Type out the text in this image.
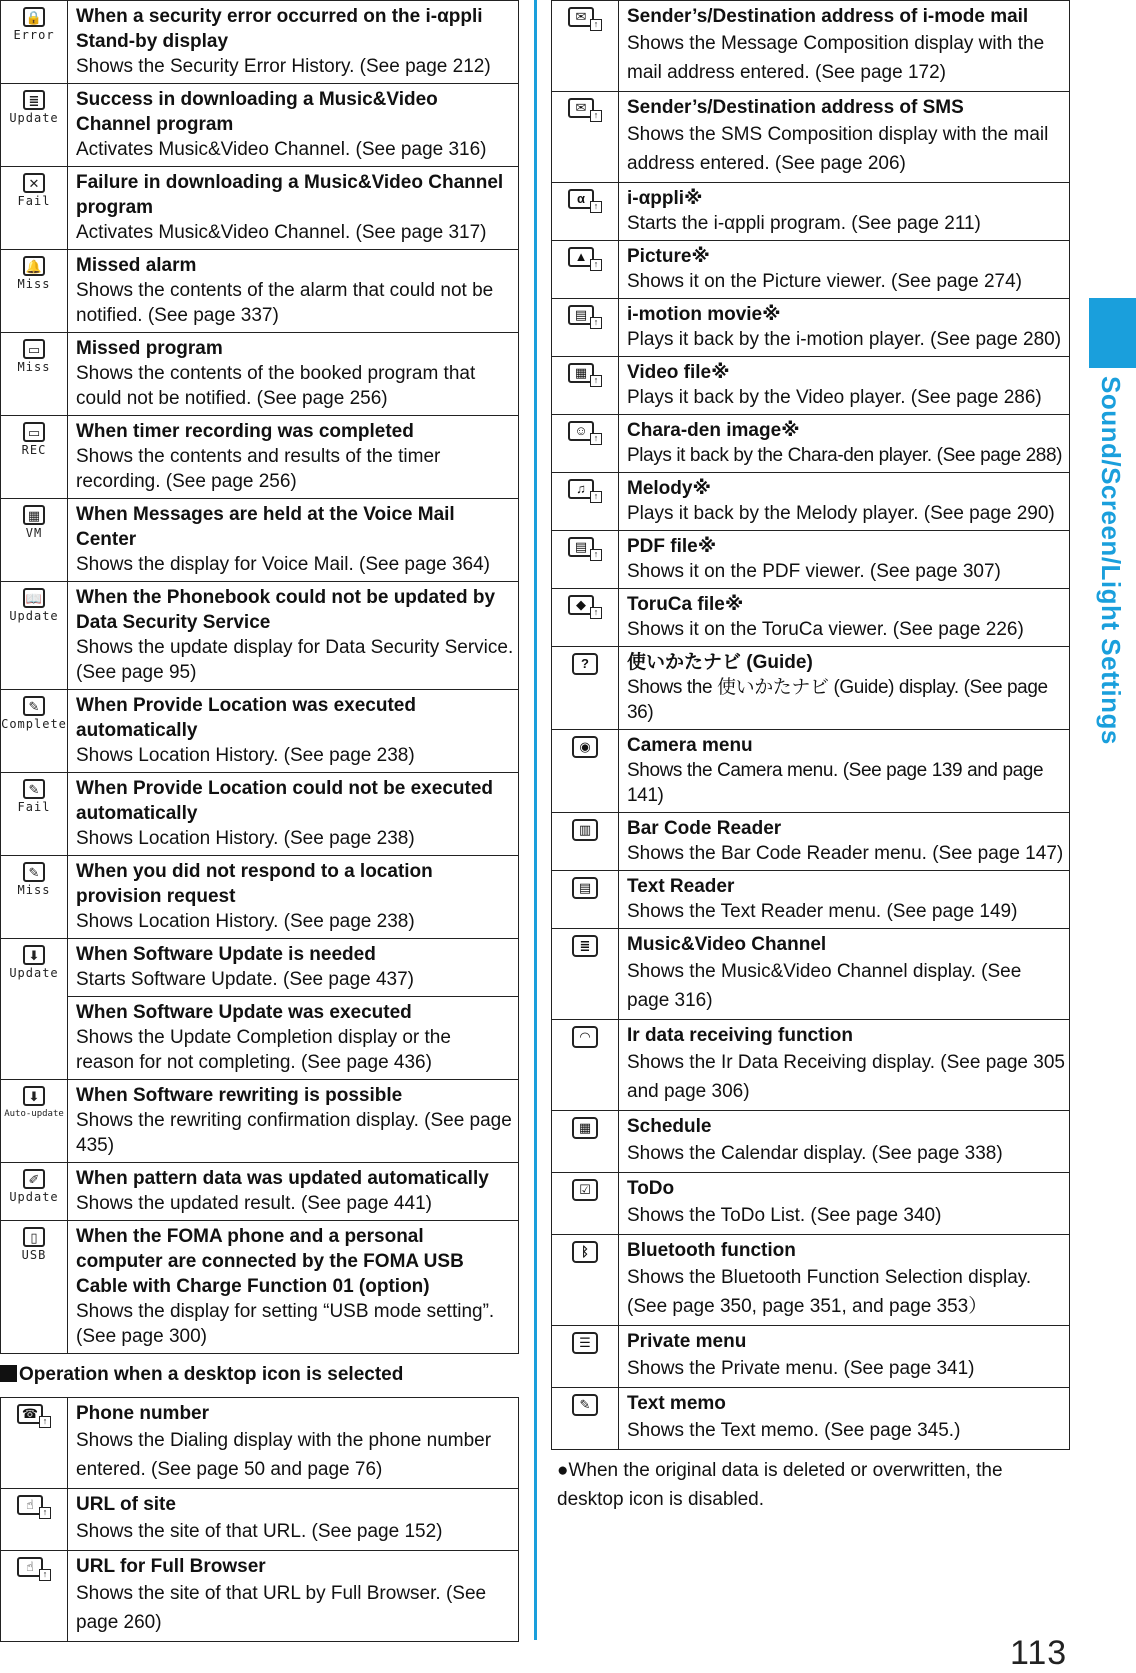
Sound/Screen/Light Settings
🔒
Error	When a security error occurred on the i-αppli Stand-by display
Shows the Security Error History. (See page 212)

≣
Update	Success in downloading a Music&Video Channel program
Activates Music&Video Channel. (See page 316)

✕
Fail	Failure in downloading a Music&Video Channel program
Activates Music&Video Channel. (See page 317)

🔔
Miss	Missed alarm
Shows the contents of the alarm that could not be notified. (See page 337)

▭
Miss	Missed program
Shows the contents of the booked program that could not be notified. (See page 256)

▭
REC	When timer recording was completed
Shows the contents and results of the timer recording. (See page 256)

▦
VM	When Messages are held at the Voice Mail Center
Shows the display for Voice Mail. (See page 364)

📖
Update	When the Phonebook could not be updated by Data Security Service
Shows the update display for Data Security Service. (See page 95)

✎
Complete	When Provide Location was executed automatically
Shows Location History. (See page 238)

✎
Fail	When Provide Location could not be executed automatically
Shows Location History. (See page 238)

✎
Miss	When you did not respond to a location provision request
Shows Location History. (See page 238)

⬇
Update	When Software Update is needed
Starts Software Update. (See page 437)

	When Software Update was executed
Shows the Update Completion display or the reason for not completing. (See page 436)

⬇
Auto-update	When Software rewriting is possible
Shows the rewriting confirmation display. (See page 435)

✐
Update	When pattern data was updated automatically
Shows the updated result. (See page 441)

▯
USB	When the FOMA phone and a personal computer are connected by the FOMA USB Cable with Charge Function 01 (option)
Shows the display for setting “USB mode setting”. (See page 300)
Operation when a desktop icon is selected
☎ ↑	Phone number
Shows the Dialing display with the phone number entered. (See page 50 and page 76)

☝ ↑	URL of site
Shows the site of that URL. (See page 152)

☝ ↑	URL for Full Browser
Shows the site of that URL by Full Browser. (See page 260)
✉ ↑	Sender’s/Destination address of i-mode mail
Shows the Message Composition display with the mail address entered. (See page 172)

✉ ↑	Sender’s/Destination address of SMS
Shows the SMS Composition display with the mail address entered. (See page 206)

α ↑	i-αppli※
Starts the i-αppli program. (See page 211)

▲ ↑	Picture※
Shows it on the Picture viewer. (See page 274)

▤ ↑	i-motion movie※
Plays it back by the i-motion player. (See page 280)

▦ ↑	Video file※
Plays it back by the Video player. (See page 286)

☺ ↑	Chara-den image※
Plays it back by the Chara-den player. (See page 288)

♫ ↑	Melody※
Plays it back by the Melody player. (See page 290)

▤ ↑	PDF file※
Shows it on the PDF viewer. (See page 307)

◆ ↑	ToruCa file※
Shows it on the ToruCa viewer. (See page 226)

?	使いかたナビ (Guide)
Shows the 使いかたナビ (Guide) display. (See page 36)

◉	Camera menu
Shows the Camera menu. (See page 139 and page 141)

▥	Bar Code Reader
Shows the Bar Code Reader menu. (See page 147)

▤	Text Reader
Shows the Text Reader menu. (See page 149)

≣	Music&Video Channel
Shows the Music&Video Channel display. (See page 316)

◠	Ir data receiving function
Shows the Ir Data Receiving display. (See page 305 and page 306)

▦	Schedule
Shows the Calendar display. (See page 338)

☑	ToDo
Shows the ToDo List. (See page 340)

ᛒ	Bluetooth function
Shows the Bluetooth Function Selection display. (See page 350, page 351, and page 353）

☰	Private menu
Shows the Private menu. (See page 341)

✎	Text memo
Shows the Text memo. (See page 345.)
●When the original data is deleted or overwritten, the desktop icon is disabled.
113
